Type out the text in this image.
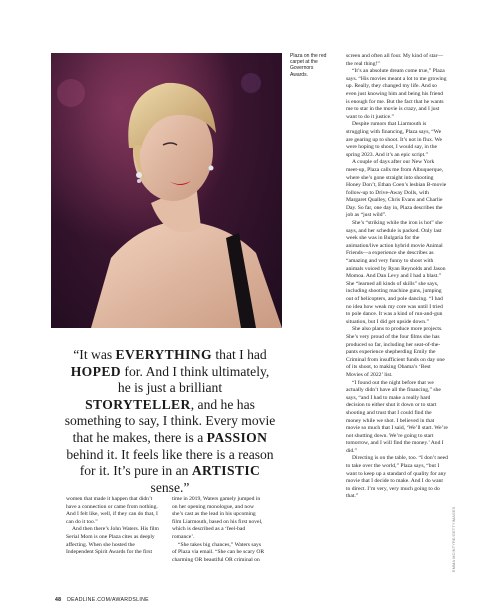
Plaza on the red carpet at the Governors Awards.
“It was EVERYTHING that I had HOPED for. And I think ultimately, he is just a brilliant STORYTELLER, and he has something to say, I think. Every movie that he makes, there is a PASSION behind it. It feels like there is a reason for it. It’s pure in an ARTISTIC sense.”

women that made it happen that didn’t have a connection or came from nothing. And I felt like, well, if they can do that, I can do it too.”

And then there’s John Waters. His film Serial Mom is one Plaza cites as deeply affecting. When she hosted the Independent Spirit Awards for the first

time in 2019, Waters gamely jumped in on her opening monologue, and now she’s cast as the lead in his upcoming film Liarmouth, based on his first novel, which is described as a ‘feel-bad romance’.

“She takes big chances,” Waters says of Plaza via email. “She can be scary OR charming OR beautiful OR criminal on

screen and often all four. My kind of star—the real thing!”

“It’s an absolute dream come true,” Plaza says. “His movies meant a lot to me growing up. Really, they changed my life. And so even just knowing him and being his friend is enough for me. But the fact that he wants me to star in the movie is crazy, and I just want to do it justice.”

Despite rumors that Liarmouth is struggling with financing, Plaza says, “We are gearing up to shoot. It’s not in flux. We were hoping to shoot, I would say, in the spring 2023. And it’s an epic script.”

A couple of days after our New York meet-up, Plaza calls me from Albuquerque, where she’s gone straight into shooting Honey Don’t, Ethan Coen’s lesbian B-movie follow-up to Drive-Away Dolls, with Margaret Qualley, Chris Evans and Charlie Day. So far, one day in, Plaza describes the job as “just wild”.

She’s “striking while the iron is hot” she says, and her schedule is packed. Only last week she was in Bulgaria for the animation/live action hybrid movie Animal Friends—a experience she describes as “amazing and very funny to shoot with animals voiced by Ryan Reynolds and Jason Momoa. And Dan Levy and I had a blast.” She “learned all kinds of skills” she says, including shooting machine guns, jumping out of helicopters, and pole dancing. “I had no idea how weak my core was until I tried to pole dance. It was a kind of run-and-gun situation, but I did get upside down.”

She also plans to produce more projects. She’s very proud of the four films she has produced so far, including her seat-of-the-pants experience shepherding Emily the Criminal from insufficient funds on day one of its shoot, to making Obama’s ‘Best Movies of 2022’ list.

“I found out the night before that we actually didn’t have all the financing,” she says, “and I had to make a really hard decision to either shut it down or to start shooting and trust that I could find the money while we shot. I believed in that movie so much that I said, ‘We’ll start. We’re not shutting down. We’re going to start tomorrow, and I will find the money.’ And I did.”

Directing is on the table, too. “I don’t need to take over the world,” Plaza says, “but I want to keep up a standard of quality for any movie that I decide to make. And I do want to direct. I’m very, very much going to do that.”

EMMA MCINTYRE/GETTYIMAGES
48 DEADLINE.COM/AWARDSLINE
